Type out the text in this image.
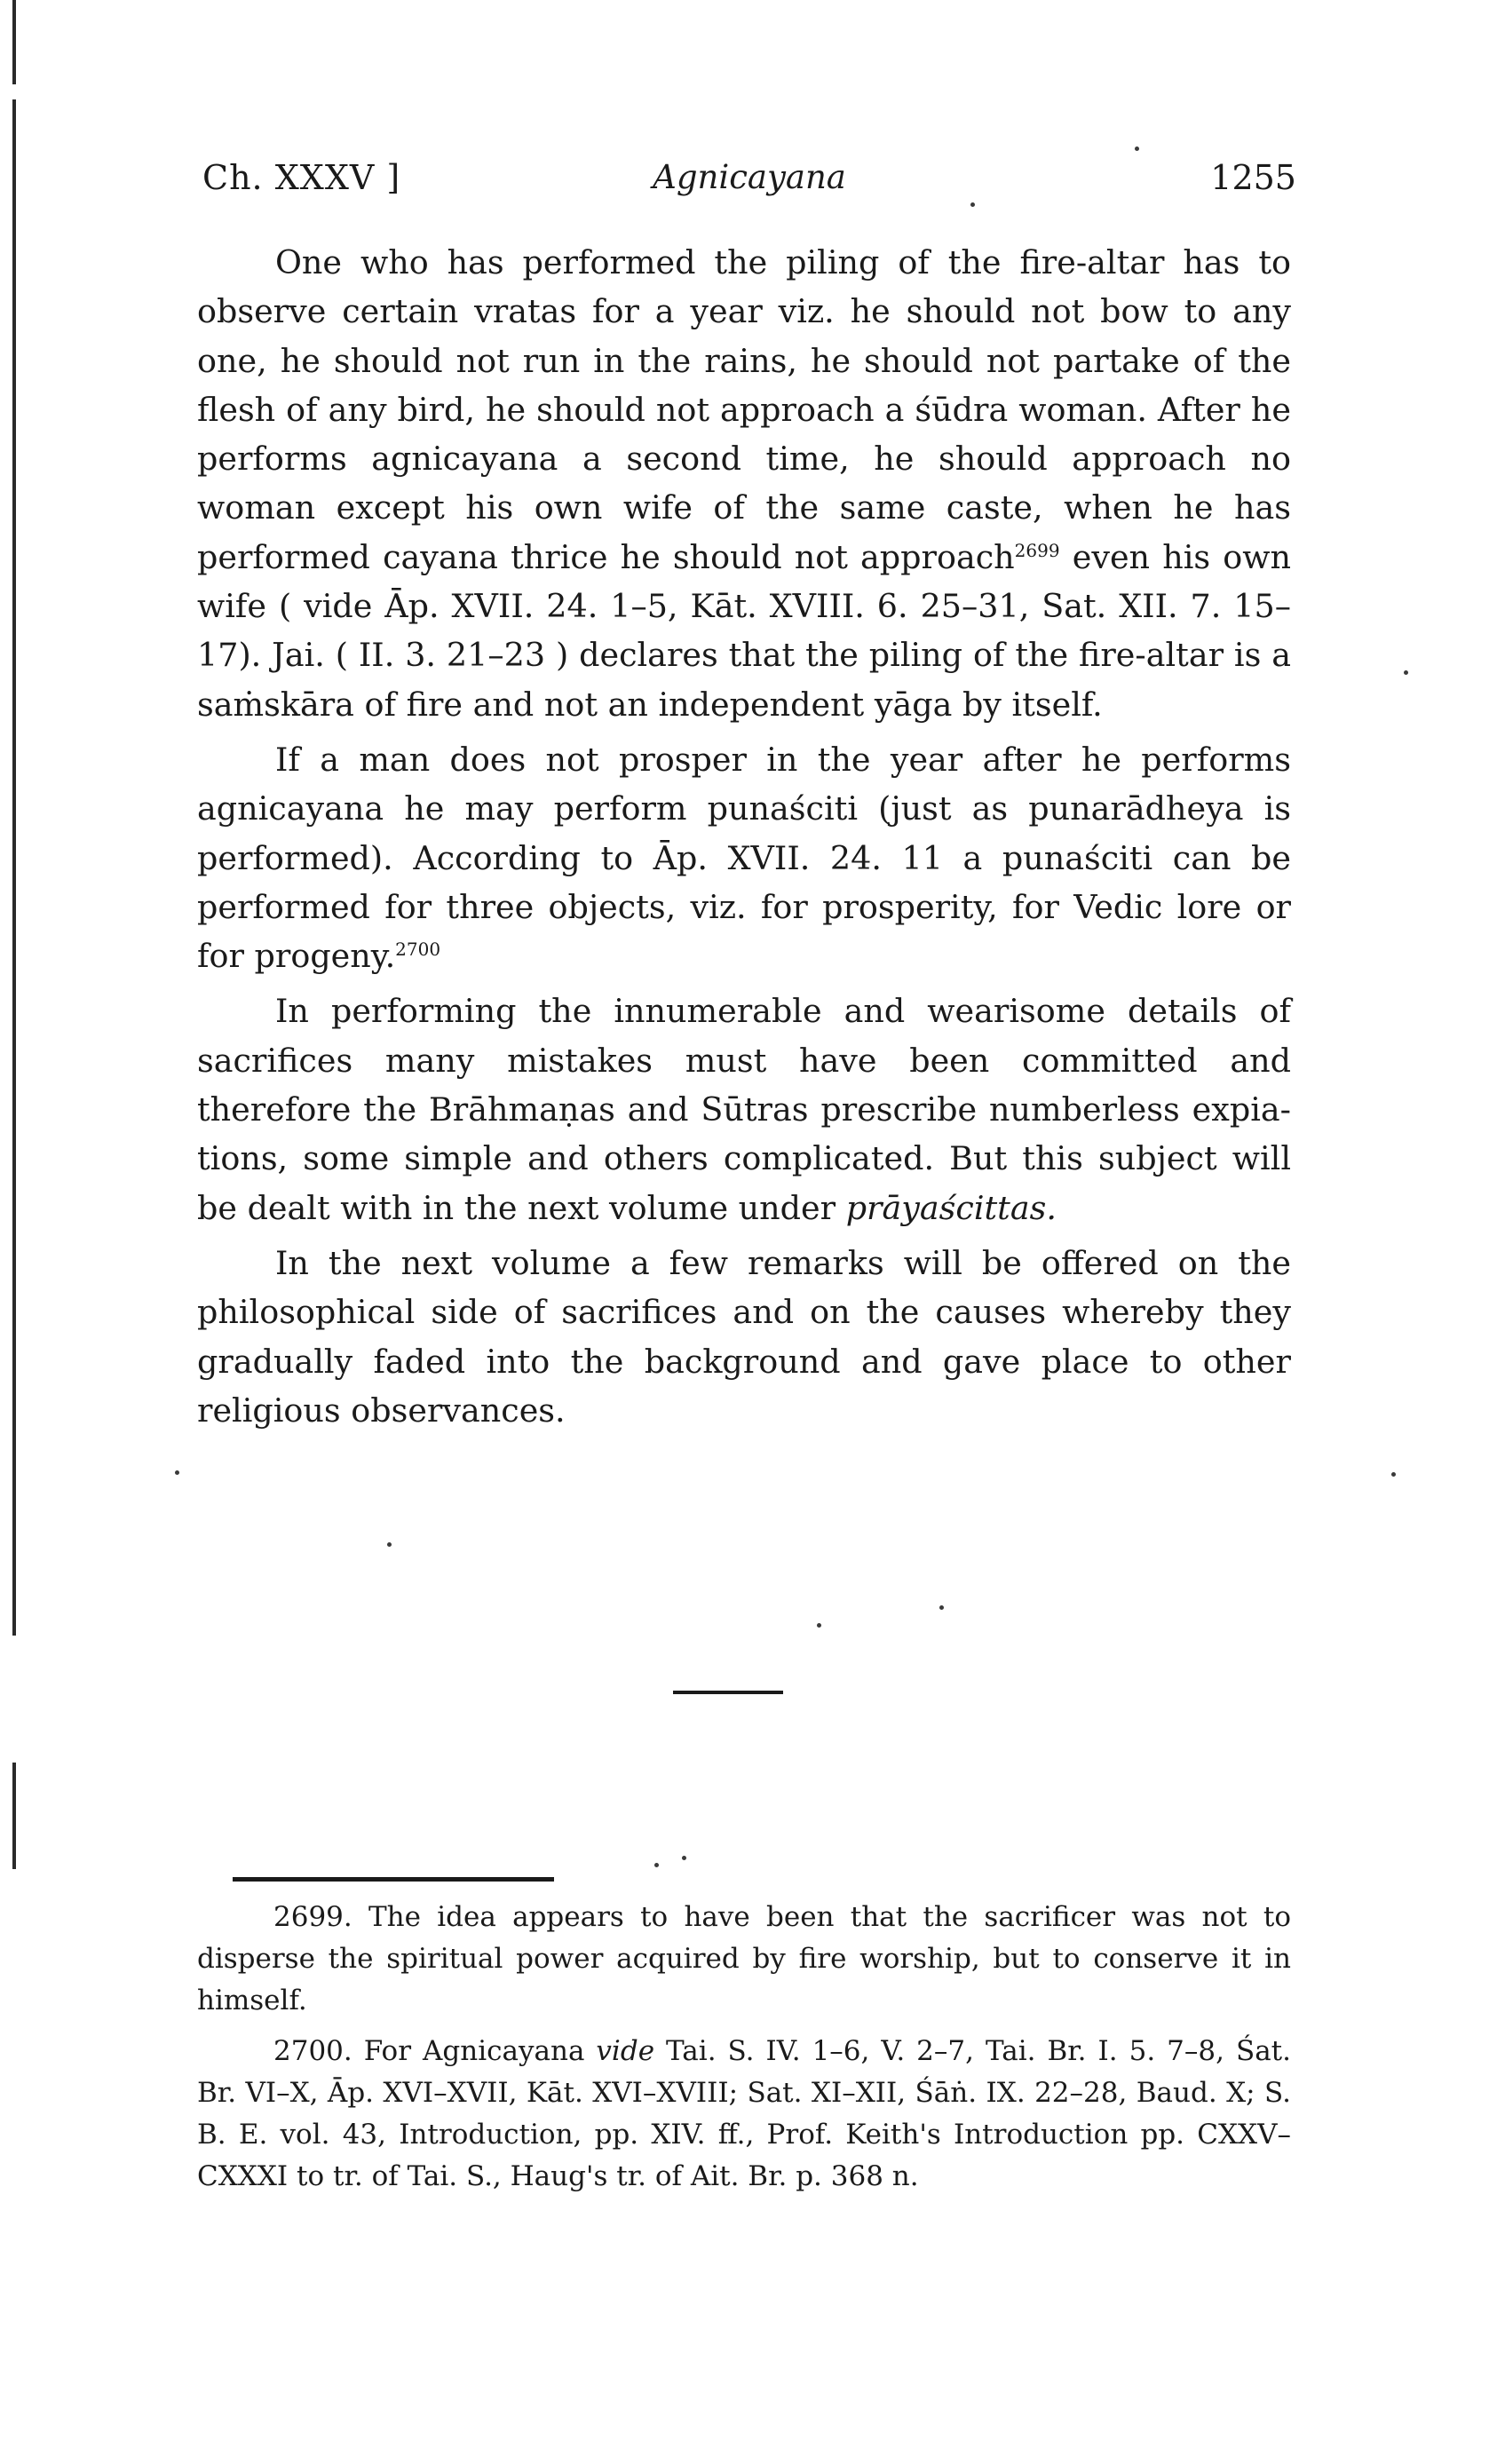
Ch. XXXV ]	Agnicayana	1255

One who has performed the piling of the fire-altar has to observe certain vratas for a year viz. he should not bow to any one, he should not run in the rains, he should not partake of the flesh of any bird, he should not approach a śūdra woman. After he performs agnicayana a second time, he should approach no woman except his own wife of the same caste, when he has performed cayana thrice he should not approach$^{2699}$ even his own wife ( vide Āp. XVII. 24. 1–5, Kāt. XVIII. 6. 25–31, Sat. XII. 7. 15–17). Jai. ( II. 3. 21–23 ) declares that the piling of the fire-altar is a saṁskāra of fire and not an independent yāga by itself.

If a man does not prosper in the year after he performs agnicayana he may perform punaściti (just as punarādheya is performed). According to Āp. XVII. 24. 11 a punaściti can be performed for three objects, viz. for prosperity, for Vedic lore or for progeny.$^{2700}$

In performing the innumerable and wearisome details of sacrifices many mistakes must have been committed and therefore the Brāhmaṇas and Sūtras prescribe numberless expiations, some simple and others complicated. But this subject will be dealt with in the next volume under prāyaścittas.

In the next volume a few remarks will be offered on the philosophical side of sacrifices and on the causes whereby they gradually faded into the background and gave place to other religious observances.

2699. The idea appears to have been that the sacrificer was not to disperse the spiritual power acquired by fire worship, but to conserve it in himself.

2700. For Agnicayana vide Tai. S. IV. 1–6, V. 2–7, Tai. Br. I. 5. 7–8, Śat. Br. VI–X, Āp. XVI–XVII, Kāt. XVI–XVIII; Sat. XI–XII, Śāṅ. IX. 22–28, Baud. X; S. B. E. vol. 43, Introduction, pp. XIV. ff., Prof. Keith's Introduction pp. CXXV–CXXXI to tr. of Tai. S., Haug's tr. of Ait. Br. p. 368 n.
